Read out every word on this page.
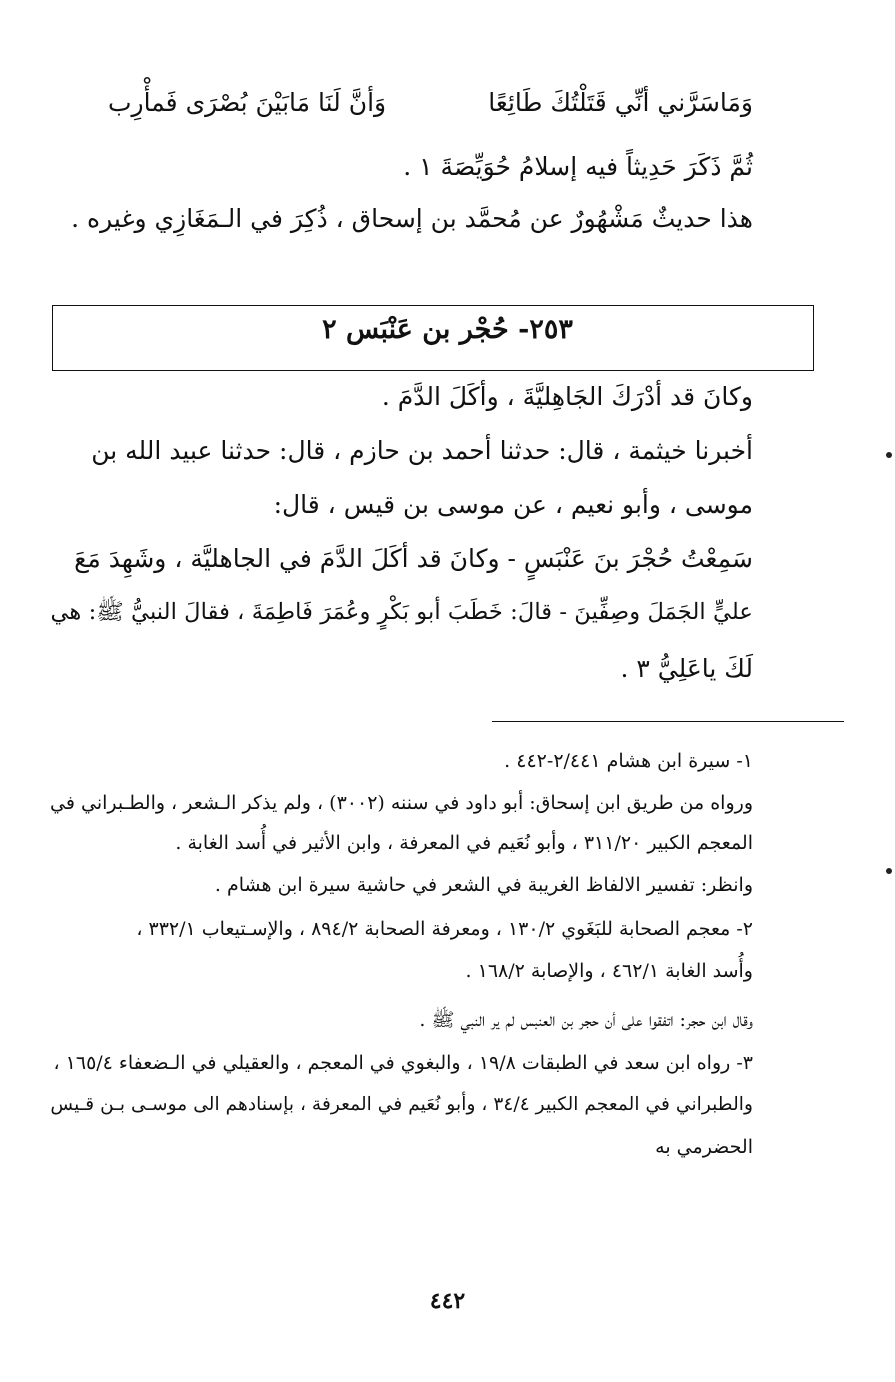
وَمَاسَرَّني أنِّي قَتَلْتُكَ طَائِعًا
وَأنَّ لَنَا مَابَيْنَ بُصْرَى فَمأْرِب
ثُمَّ ذَكَرَ حَدِيثاً فيه إسلامُ حُوَيِّصَةَ ١ .
هذا حديثٌ مَشْهُورٌ عن مُحمَّد بن إسحاق ، ذُكِرَ في الـمَغَازِي وغيره .
٢٥٣- حُجْر بن عَنْبَس ٢
وكانَ قد أدْرَكَ الجَاهِليَّةَ ، وأكَلَ الدَّمَ .
أخبرنا خيثمة ، قال: حدثنا أحمد بن حازم ، قال: حدثنا عبيد الله بن
موسى ، وأبو نعيم ، عن موسى بن قيس ، قال:
سَمِعْتُ حُجْرَ بنَ عَنْبَسٍ - وكانَ قد أكَلَ الدَّمَ في الجاهليَّة ، وشَهِدَ مَعَ
عليٍّ الجَمَلَ وصِفِّينَ - قالَ: خَطَبَ أبو بَكْرٍ وعُمَرَ فَاطِمَةَ ، فقالَ النبيُّ ﷺ: هي
لَكَ ياعَلِيُّ ٣ .
١- سيرة ابن هشام ٢/٤٤١-٤٤٢ .
ورواه من طريق ابن إسحاق: أبو داود في سننه (٣٠٠٢) ، ولم يذكر الـشعر ، والطـبراني في
المعجم الكبير ٣١١/٢٠ ، وأبو نُعَيم في المعرفة ، وابن الأثير في أُسد الغابة .
وانظر: تفسير الالفاظ الغريبة في الشعر في حاشية سيرة ابن هشام .
٢- معجم الصحابة للبَغَوي ١٣٠/٢ ، ومعرفة الصحابة ٨٩٤/٢ ، والإسـتيعاب ٣٣٢/١ ،
وأُسد الغابة ٤٦٢/١ ، والإصابة ١٦٨/٢ .
وقال ابن حجر: اتفقوا على أن حجر بن العنبس لم ير النبي ﷺ .
٣- رواه ابن سعد في الطبقات ١٩/٨ ، والبغوي في المعجم ، والعقيلي في الـضعفاء ١٦٥/٤ ،
والطبراني في المعجم الكبير ٣٤/٤ ، وأبو نُعَيم في المعرفة ، بإسنادهم الى موسـى بـن قـيس
الحضرمي به
٤٤٢
